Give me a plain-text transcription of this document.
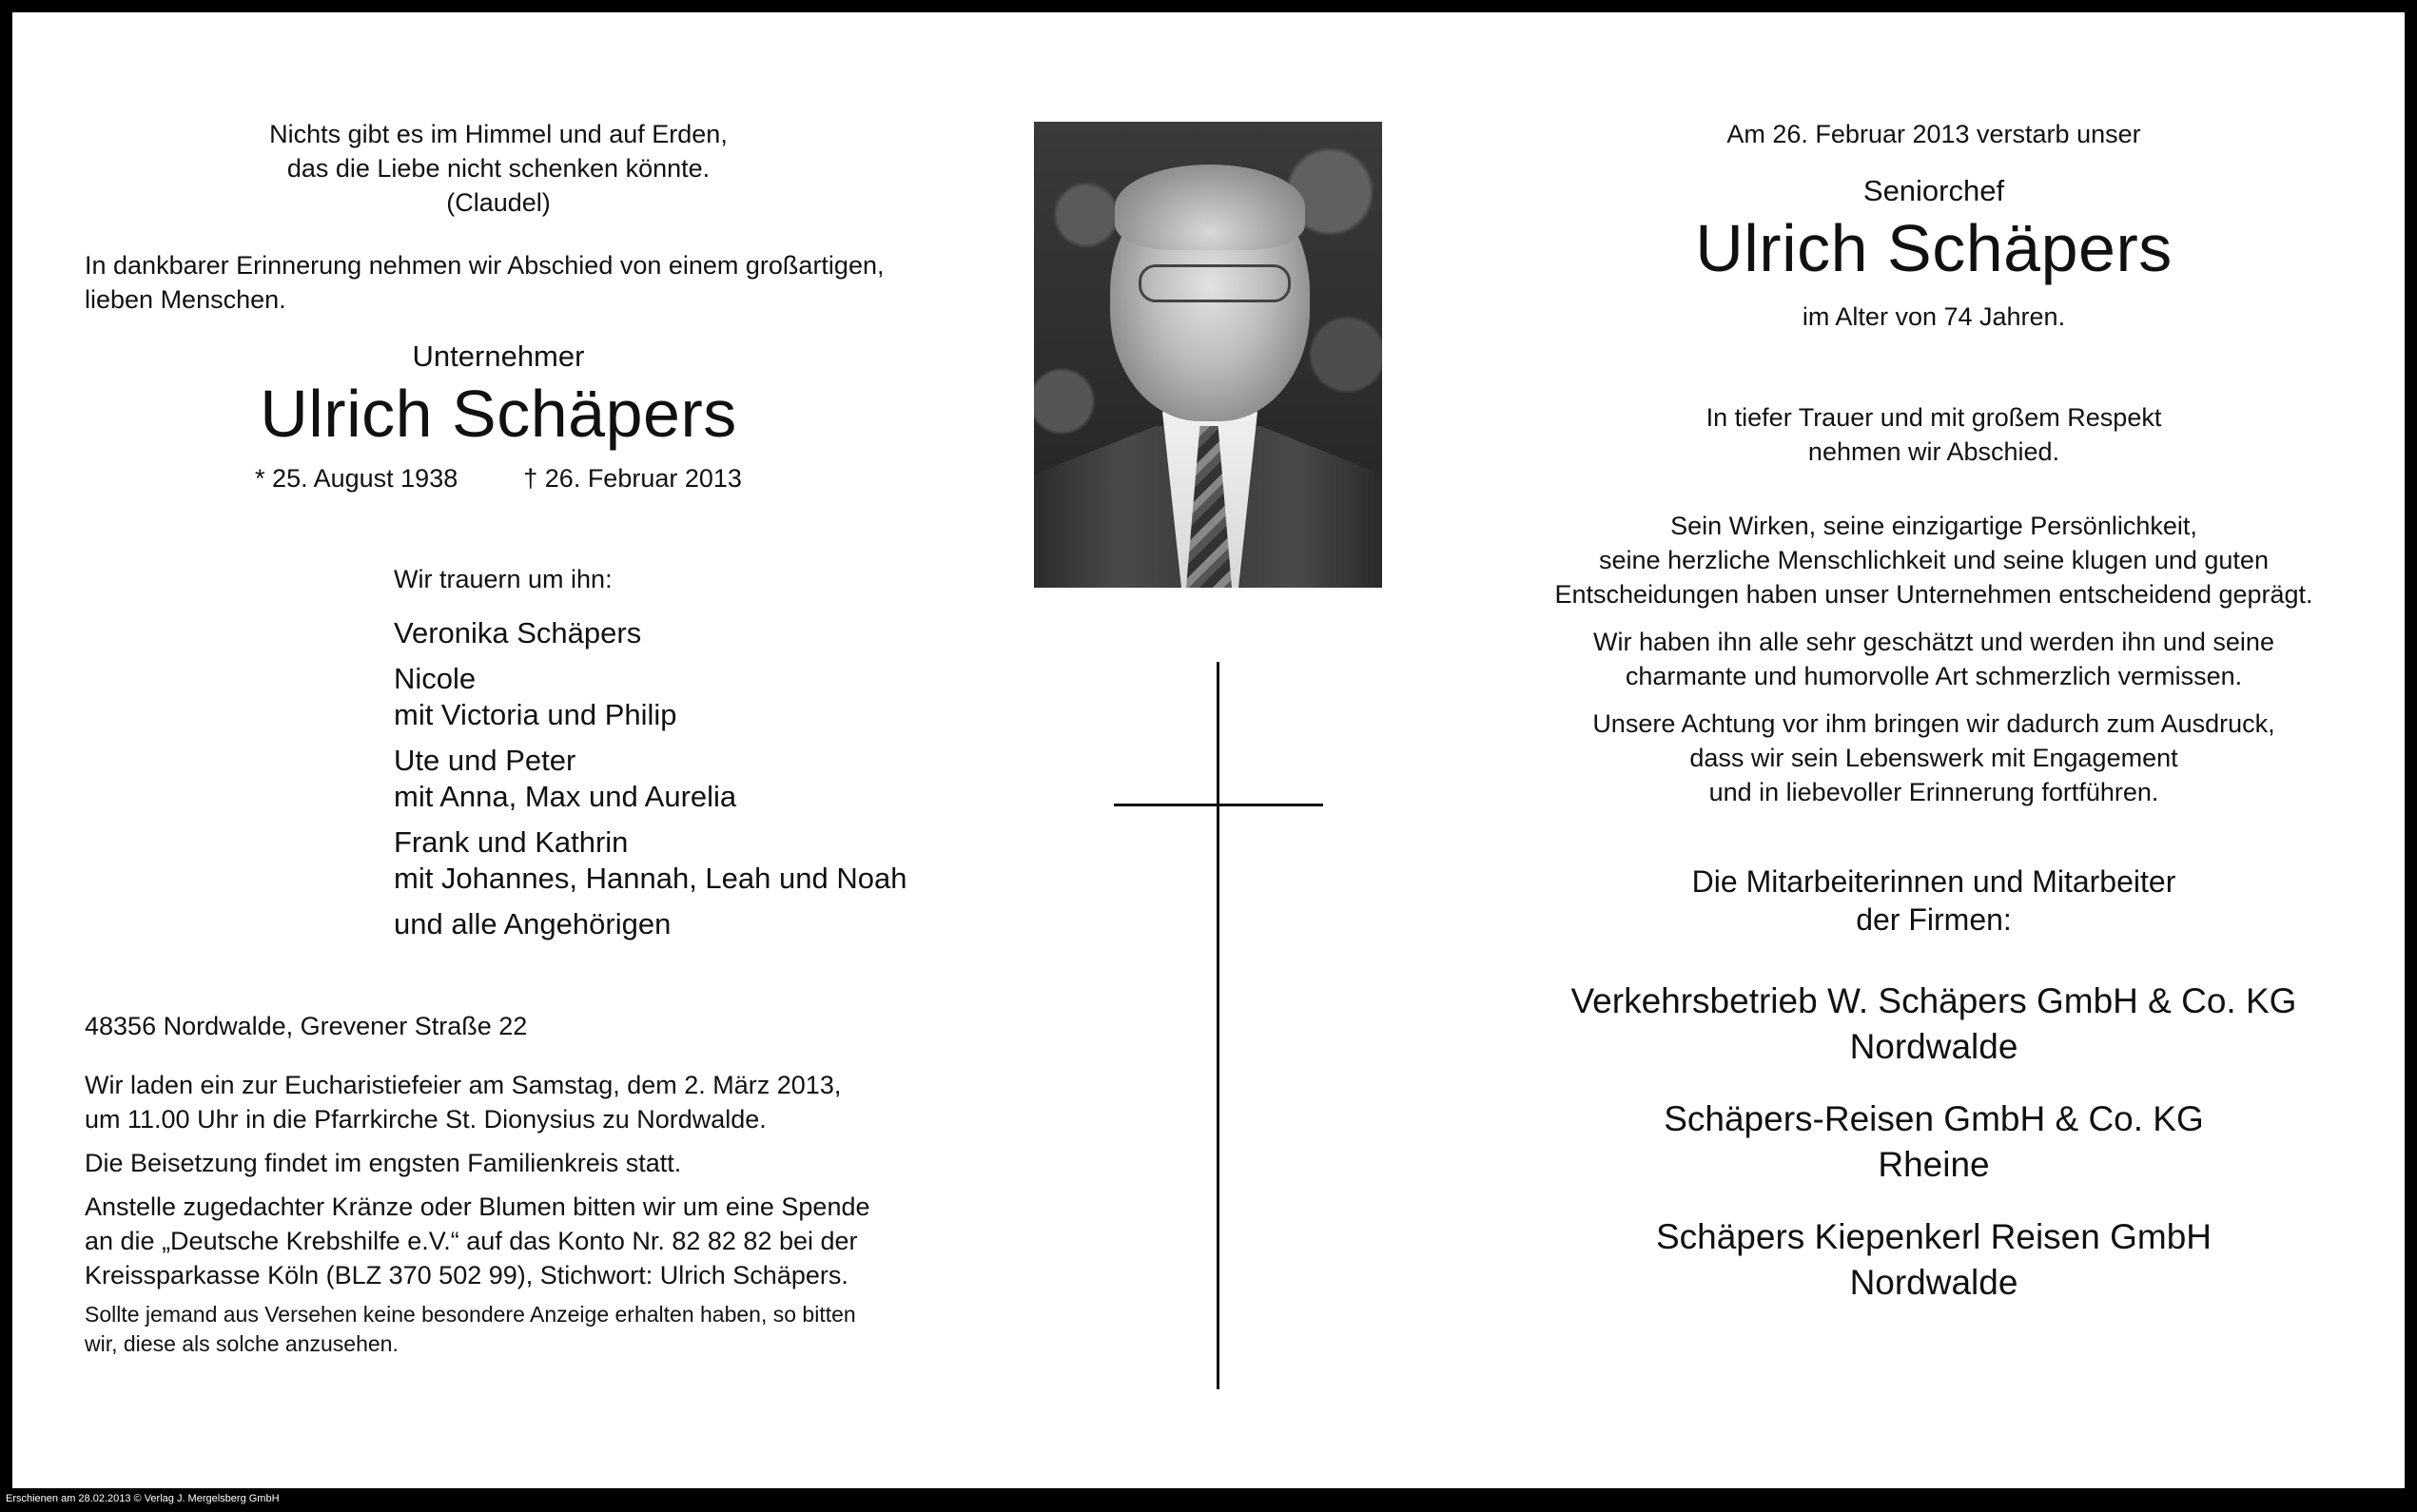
Nichts gibt es im Himmel und auf Erden,

das die Liebe nicht schenken könnte.

(Claudel)

In dankbarer Erinnerung nehmen wir Abschied von einem großartigen,

lieben Menschen.

Unternehmer

Ulrich Schäpers

* 25. August 1938	† 26. Februar 2013

Wir trauern um ihn:

Veronika Schäpers

Nicole

mit Victoria und Philip

Ute und Peter

mit Anna, Max und Aurelia

Frank und Kathrin

mit Johannes, Hannah, Leah und Noah

und alle Angehörigen

48356 Nordwalde, Grevener Straße 22

Wir laden ein zur Eucharistiefeier am Samstag, dem 2. März 2013,

um 11.00 Uhr in die Pfarrkirche St. Dionysius zu Nordwalde.

Die Beisetzung findet im engsten Familienkreis statt.

Anstelle zugedachter Kränze oder Blumen bitten wir um eine Spende

an die „Deutsche Krebshilfe e.V.“ auf das Konto Nr. 82 82 82 bei der

Kreissparkasse Köln (BLZ 370 502 99), Stichwort: Ulrich Schäpers.

Sollte jemand aus Versehen keine besondere Anzeige erhalten haben, so bitten

wir, diese als solche anzusehen.

Am 26. Februar 2013 verstarb unser

Seniorchef

Ulrich Schäpers

im Alter von 74 Jahren.

In tiefer Trauer und mit großem Respekt

nehmen wir Abschied.

Sein Wirken, seine einzigartige Persönlichkeit,

seine herzliche Menschlichkeit und seine klugen und guten

Entscheidungen haben unser Unternehmen entscheidend geprägt.

Wir haben ihn alle sehr geschätzt und werden ihn und seine

charmante und humorvolle Art schmerzlich vermissen.

Unsere Achtung vor ihm bringen wir dadurch zum Ausdruck,

dass wir sein Lebenswerk mit Engagement

und in liebevoller Erinnerung fortführen.

Die Mitarbeiterinnen und Mitarbeiter

der Firmen:

Verkehrsbetrieb W. Schäpers GmbH & Co. KG

Nordwalde

Schäpers-Reisen GmbH & Co. KG

Rheine

Schäpers Kiepenkerl Reisen GmbH

Nordwalde

Erschienen am 28.02.2013 © Verlag J. Mergelsberg GmbH
